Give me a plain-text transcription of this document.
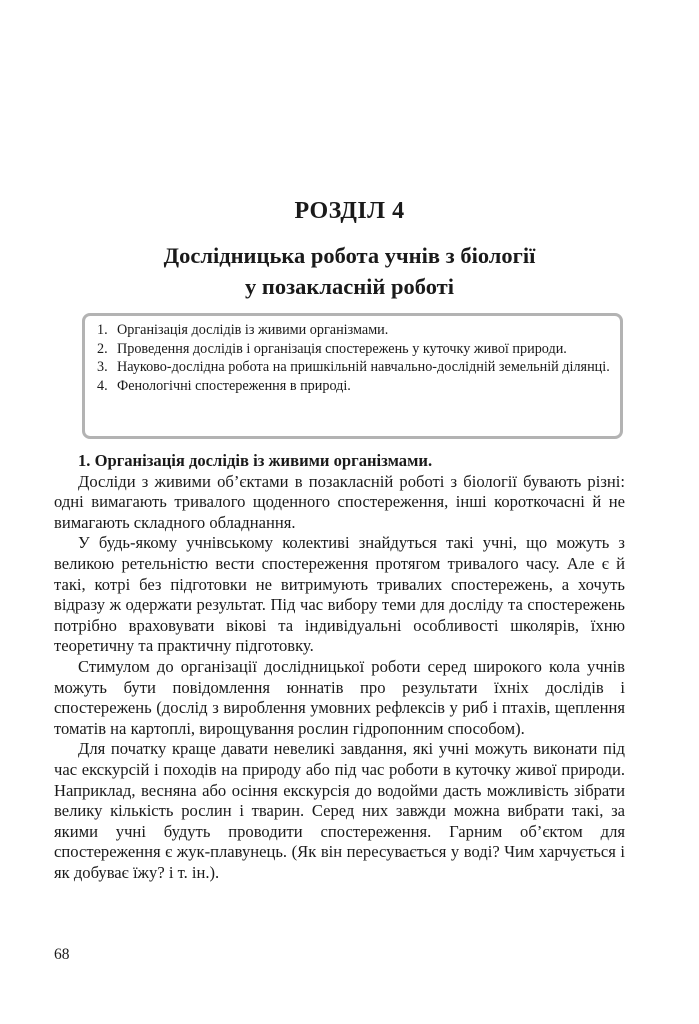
РОЗДІЛ 4
Дослідницька робота учнів з біології
у позакласній роботі
1. Організація дослідів із живими організмами.
2. Проведення дослідів і організація спостережень у куточку живої природи.
3. Науково-дослідна робота на пришкільній навчально-дослідній земельній ділянці.
4. Фенологічні спостереження в природі.

1. Організація дослідів із живими організмами.

Досліди з живими об’єктами в позакласній роботі з біології бувають різні: одні вимагають тривалого щоденного спостереження, інші короткочасні й не вимагають складного обладнання.

У будь-якому учнівському колективі знайдуться такі учні, що можуть з великою ретельністю вести спостереження протягом тривалого часу. Але є й такі, котрі без підготовки не витримують тривалих спостережень, а хочуть відразу ж одержати результат. Під час вибору теми для досліду та спостережень потрібно враховувати вікові та індивідуальні особливості школярів, їхню теоретичну та практичну підготовку.

Стимулом до організації дослідницької роботи серед широкого кола учнів можуть бути повідомлення юннатів про результати їхніх дослідів і спостережень (дослід з вироблення умовних рефлексів у риб і птахів, щеплення томатів на картоплі, вирощування рослин гідропонним способом).

Для початку краще давати невеликі завдання, які учні можуть виконати під час екскурсій і походів на природу або під час роботи в куточку живої природи. Наприклад, весняна або осіння екскурсія до водойми дасть можливість зібрати велику кількість рослин і тварин. Серед них завжди можна вибрати такі, за якими учні будуть проводити спостереження. Гарним об’єктом для спостереження є жук-плавунець. (Як він пересувається у воді? Чим харчується і як добуває їжу? і т. ін.).

68
